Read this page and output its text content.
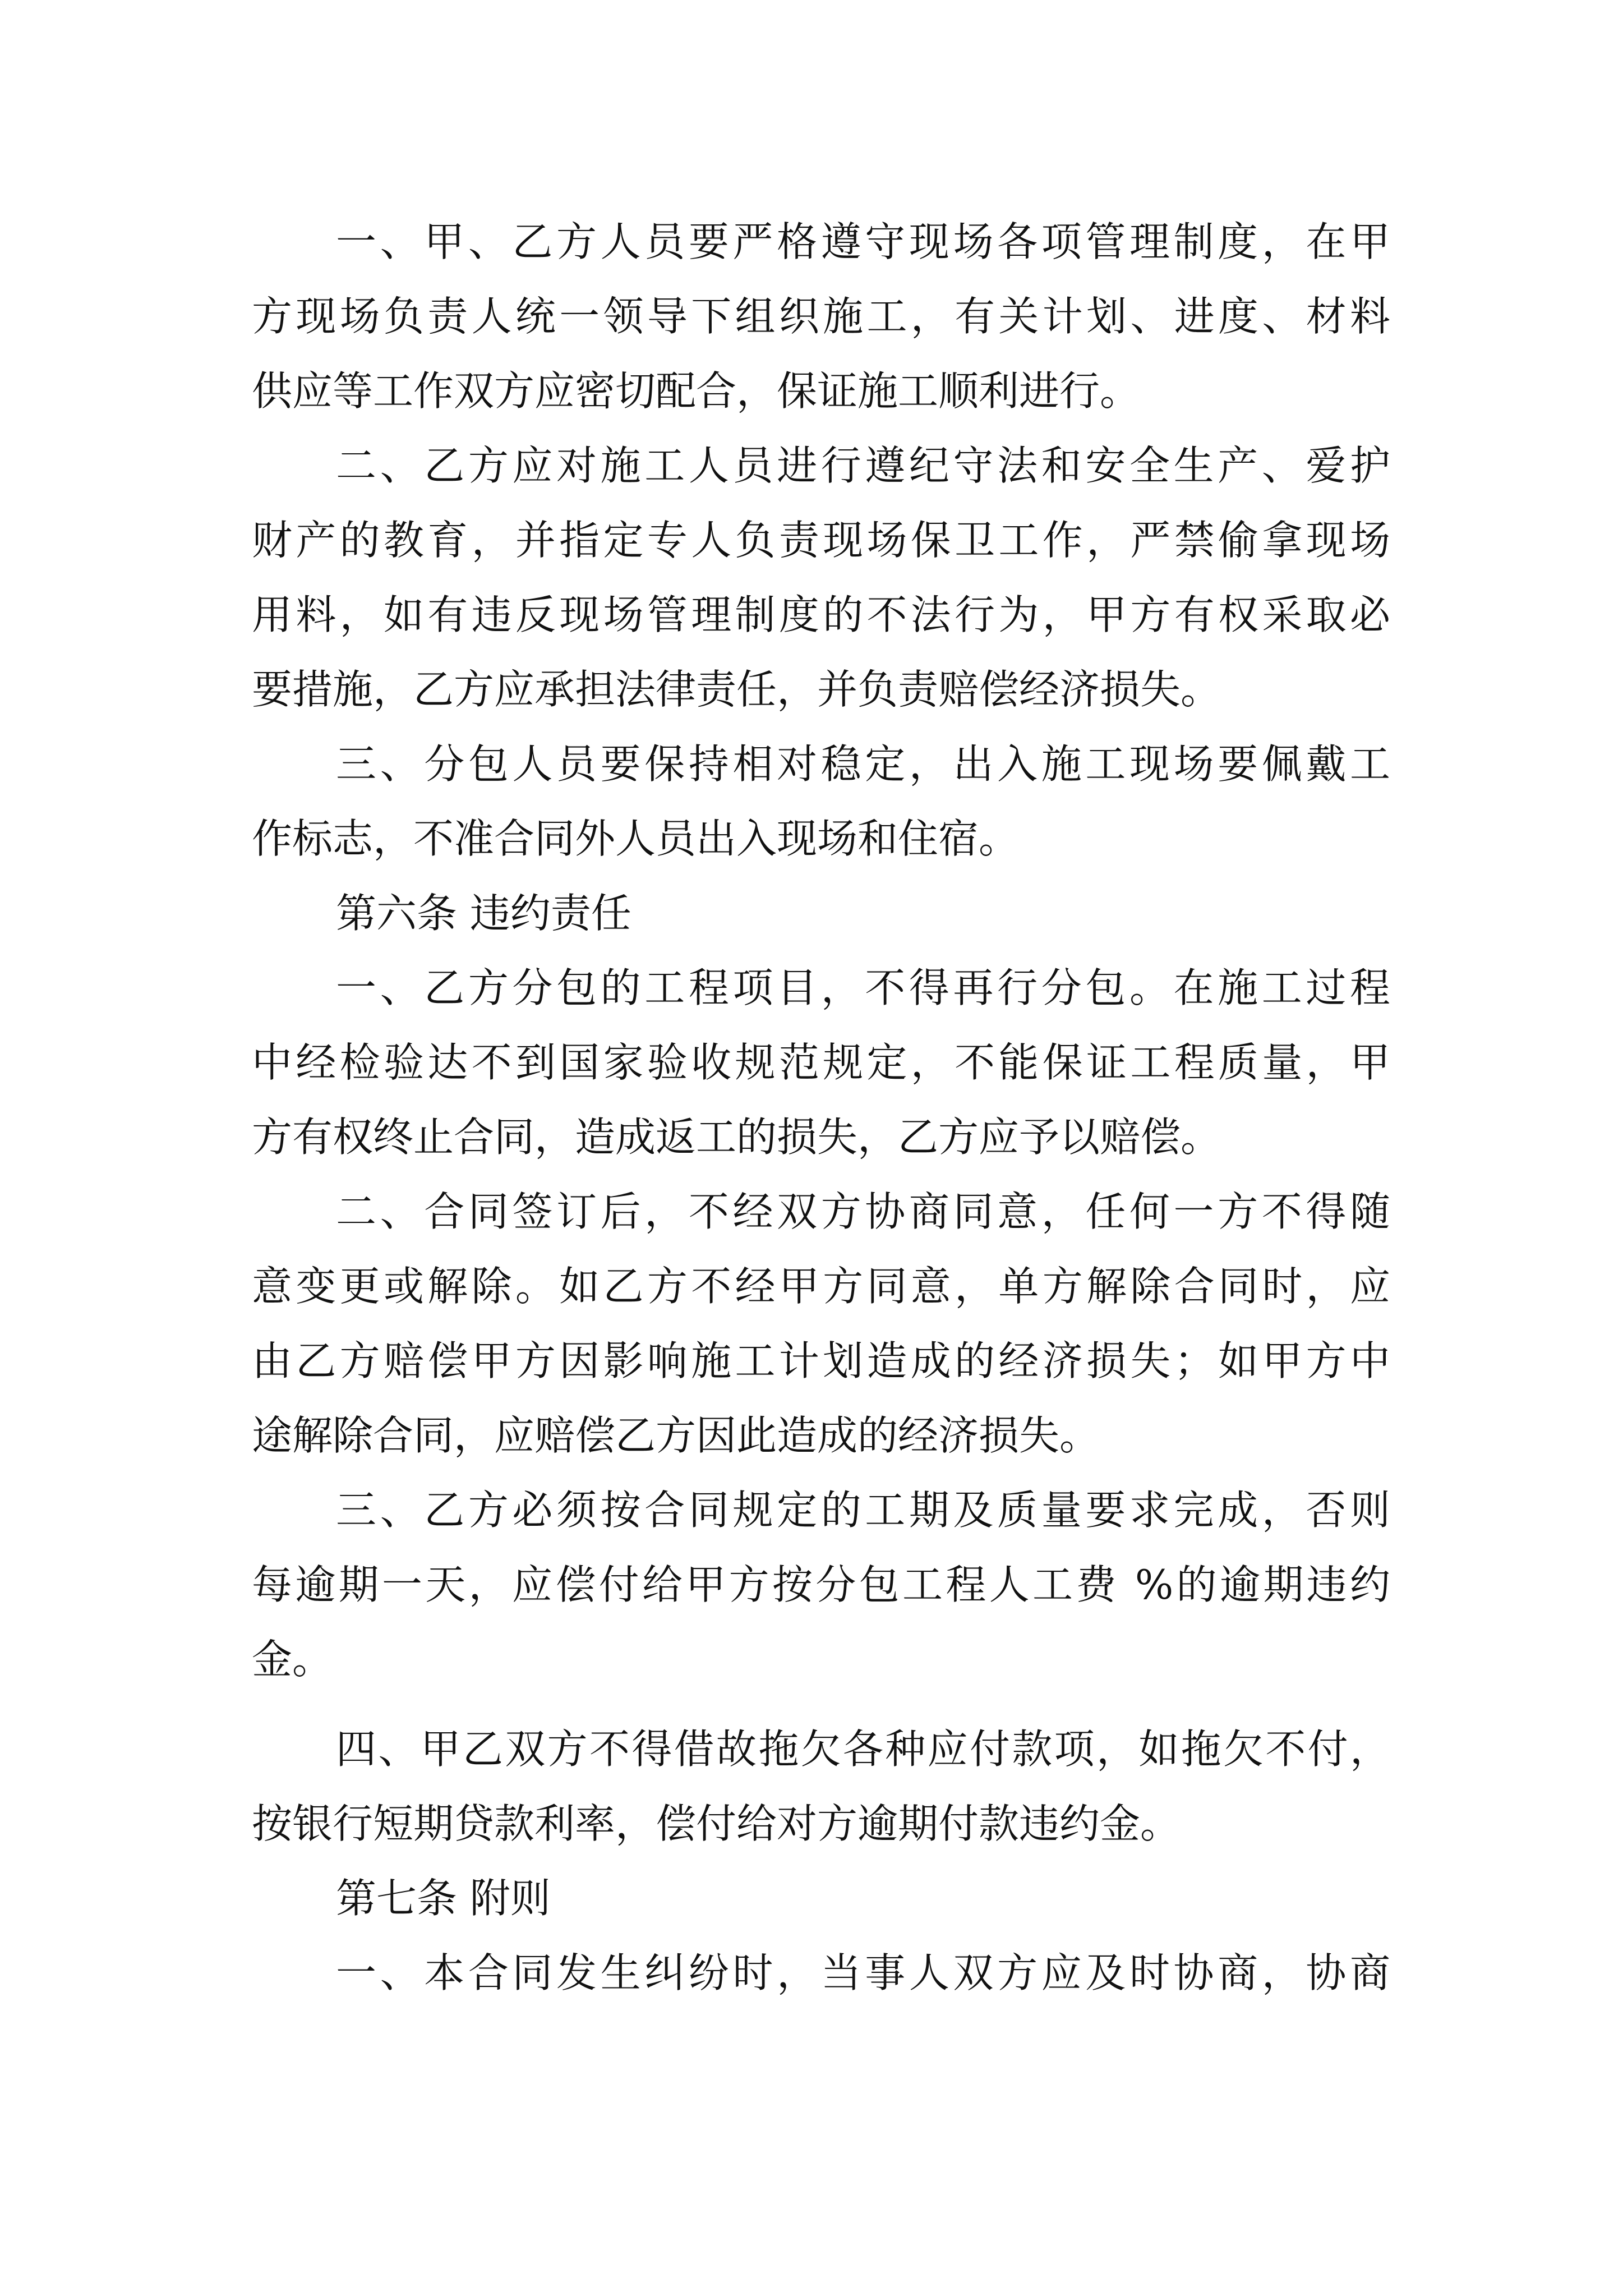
一、甲、乙方人员要严格遵守现场各项管理制度，在甲

方现场负责人统一领导下组织施工，有关计划、进度、材料

供应等工作双方应密切配合，保证施工顺利进行。

二、乙方应对施工人员进行遵纪守法和安全生产、爱护

财产的教育，并指定专人负责现场保卫工作，严禁偷拿现场

用料，如有违反现场管理制度的不法行为，甲方有权采取必

要措施，乙方应承担法律责任，并负责赔偿经济损失。

三、分包人员要保持相对稳定，出入施工现场要佩戴工

作标志，不准合同外人员出入现场和住宿。

第六条 违约责任

一、乙方分包的工程项目，不得再行分包。在施工过程

中经检验达不到国家验收规范规定，不能保证工程质量，甲

方有权终止合同，造成返工的损失，乙方应予以赔偿。

二、合同签订后，不经双方协商同意，任何一方不得随

意变更或解除。如乙方不经甲方同意，单方解除合同时，应

由乙方赔偿甲方因影响施工计划造成的经济损失；如甲方中

途解除合同，应赔偿乙方因此造成的经济损失。

三、乙方必须按合同规定的工期及质量要求完成，否则

每逾期一天，应偿付给甲方按分包工程人工费 %的逾期违约

金。

四、甲乙双方不得借故拖欠各种应付款项，如拖欠不付，

按银行短期贷款利率，偿付给对方逾期付款违约金。

第七条 附则

一、本合同发生纠纷时，当事人双方应及时协商，协商
